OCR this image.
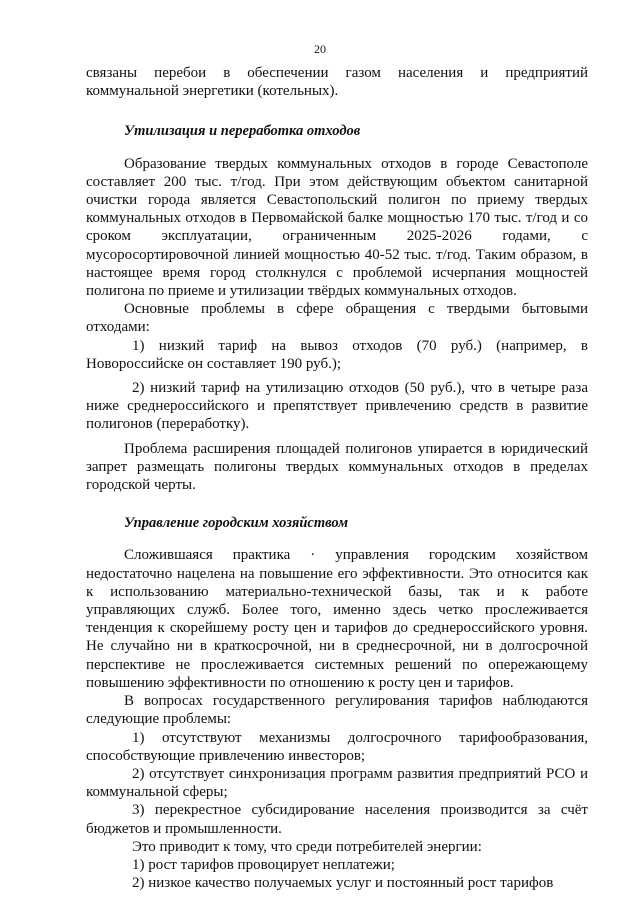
20

связаны перебои в обеспечении газом населения и предприятий коммунальной энергетики (котельных).

Утилизация и переработка отходов

Образование твердых коммунальных отходов в городе Севастополе составляет 200 тыс. т/год. При этом действующим объектом санитарной очистки города является Севастопольский полигон по приему твердых коммунальных отходов в Первомайской балке мощностью 170 тыс. т/год и со сроком эксплуатации, ограниченным 2025-2026 годами, с мусоросортировочной линией мощностью 40-52 тыс. т/год. Таким образом, в настоящее время город столкнулся с проблемой исчерпания мощностей полигона по приеме и утилизации твёрдых коммунальных отходов.

Основные проблемы в сфере обращения с твердыми бытовыми отходами:

1) низкий тариф на вывоз отходов (70 руб.) (например, в Новороссийске он составляет 190 руб.);

2) низкий тариф на утилизацию отходов (50 руб.), что в четыре раза ниже среднероссийского и препятствует привлечению средств в развитие полигонов (переработку).

Проблема расширения площадей полигонов упирается в юридический запрет размещать полигоны твердых коммунальных отходов в пределах городской черты.

Управление городским хозяйством

Сложившаяся практика · управления городским хозяйством недостаточно нацелена на повышение его эффективности. Это относится как к использованию материально-технической базы, так и к работе управляющих служб. Более того, именно здесь четко прослеживается тенденция к скорейшему росту цен и тарифов до среднероссийского уровня. Не случайно ни в краткосрочной, ни в среднесрочной, ни в долгосрочной перспективе не прослеживается системных решений по опережающему повышению эффективности по отношению к росту цен и тарифов.

В вопросах государственного регулирования тарифов наблюдаются следующие проблемы:

1) отсутствуют механизмы долгосрочного тарифообразования, способствующие привлечению инвесторов;

2) отсутствует синхронизация программ развития предприятий РСО и коммунальной сферы;

3) перекрестное субсидирование населения производится за счёт бюджетов и промышленности.

Это приводит к тому, что среди потребителей энергии:

1) рост тарифов провоцирует неплатежи;

2) низкое качество получаемых услуг и постоянный рост тарифов
